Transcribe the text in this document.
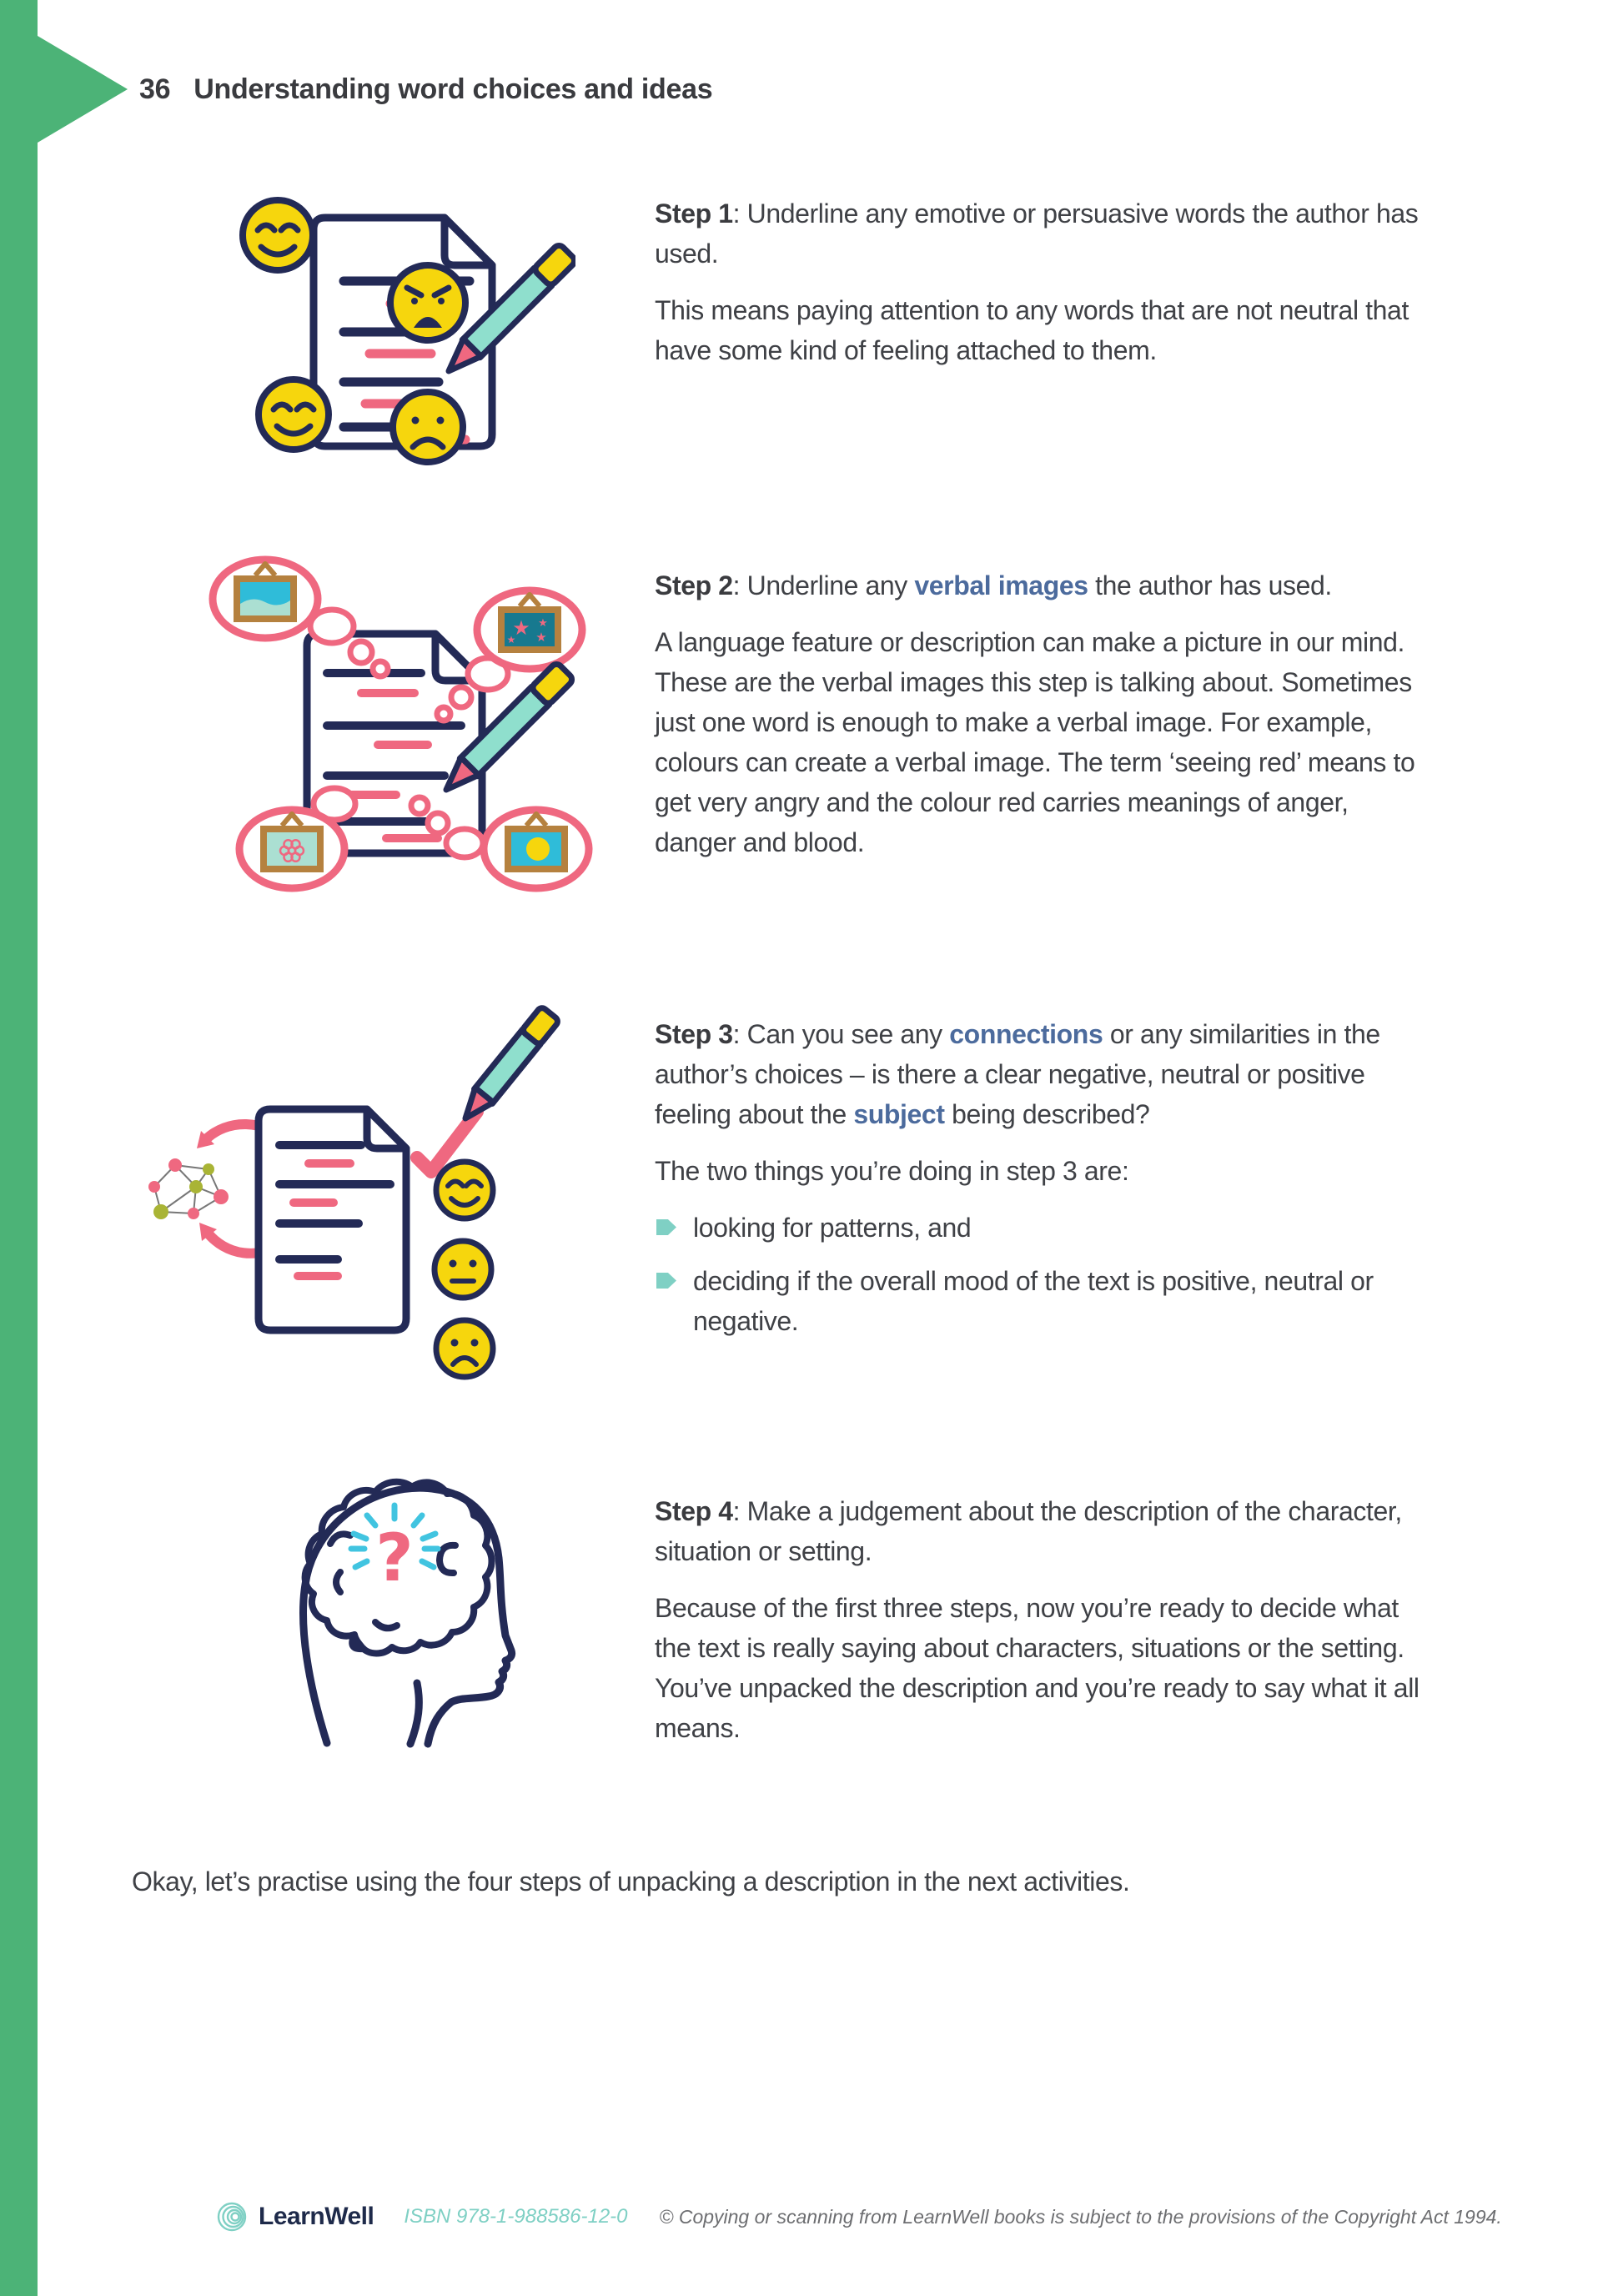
36 Understanding word choices and ideas
★ ★
★
★
?

Step 1: Underline any emotive or persuasive words the author has used.

This means paying attention to any words that are not neutral that have some kind of feeling attached to them.

Step 2: Underline any verbal images the author has used.

A language feature or description can make a picture in our mind. These are the verbal images this step is talking about. Sometimes just one word is enough to make a verbal image. For example, colours can create a verbal image. The term ‘seeing red’ means to get very angry and the colour red carries meanings of anger, danger and blood.

Step 3: Can you see any connections or any similarities in the author’s choices – is there a clear negative, neutral or positive feeling about the subject being described?

The two things you’re doing in step 3 are:

looking for patterns, and
deciding if the overall mood of the text is positive, neutral or negative.

Step 4: Make a judgement about the description of the character, situation or setting.

Because of the first three steps, now you’re ready to decide what the text is really saying about characters, situations or the setting. You’ve unpacked the description and you’re ready to say what it all means.

Okay, let’s practise using the four steps of unpacking a description in the next activities.
LearnWell ISBN 978-1-988586-12-0 © Copying or scanning from LearnWell books is subject to the provisions of the Copyright Act 1994.
